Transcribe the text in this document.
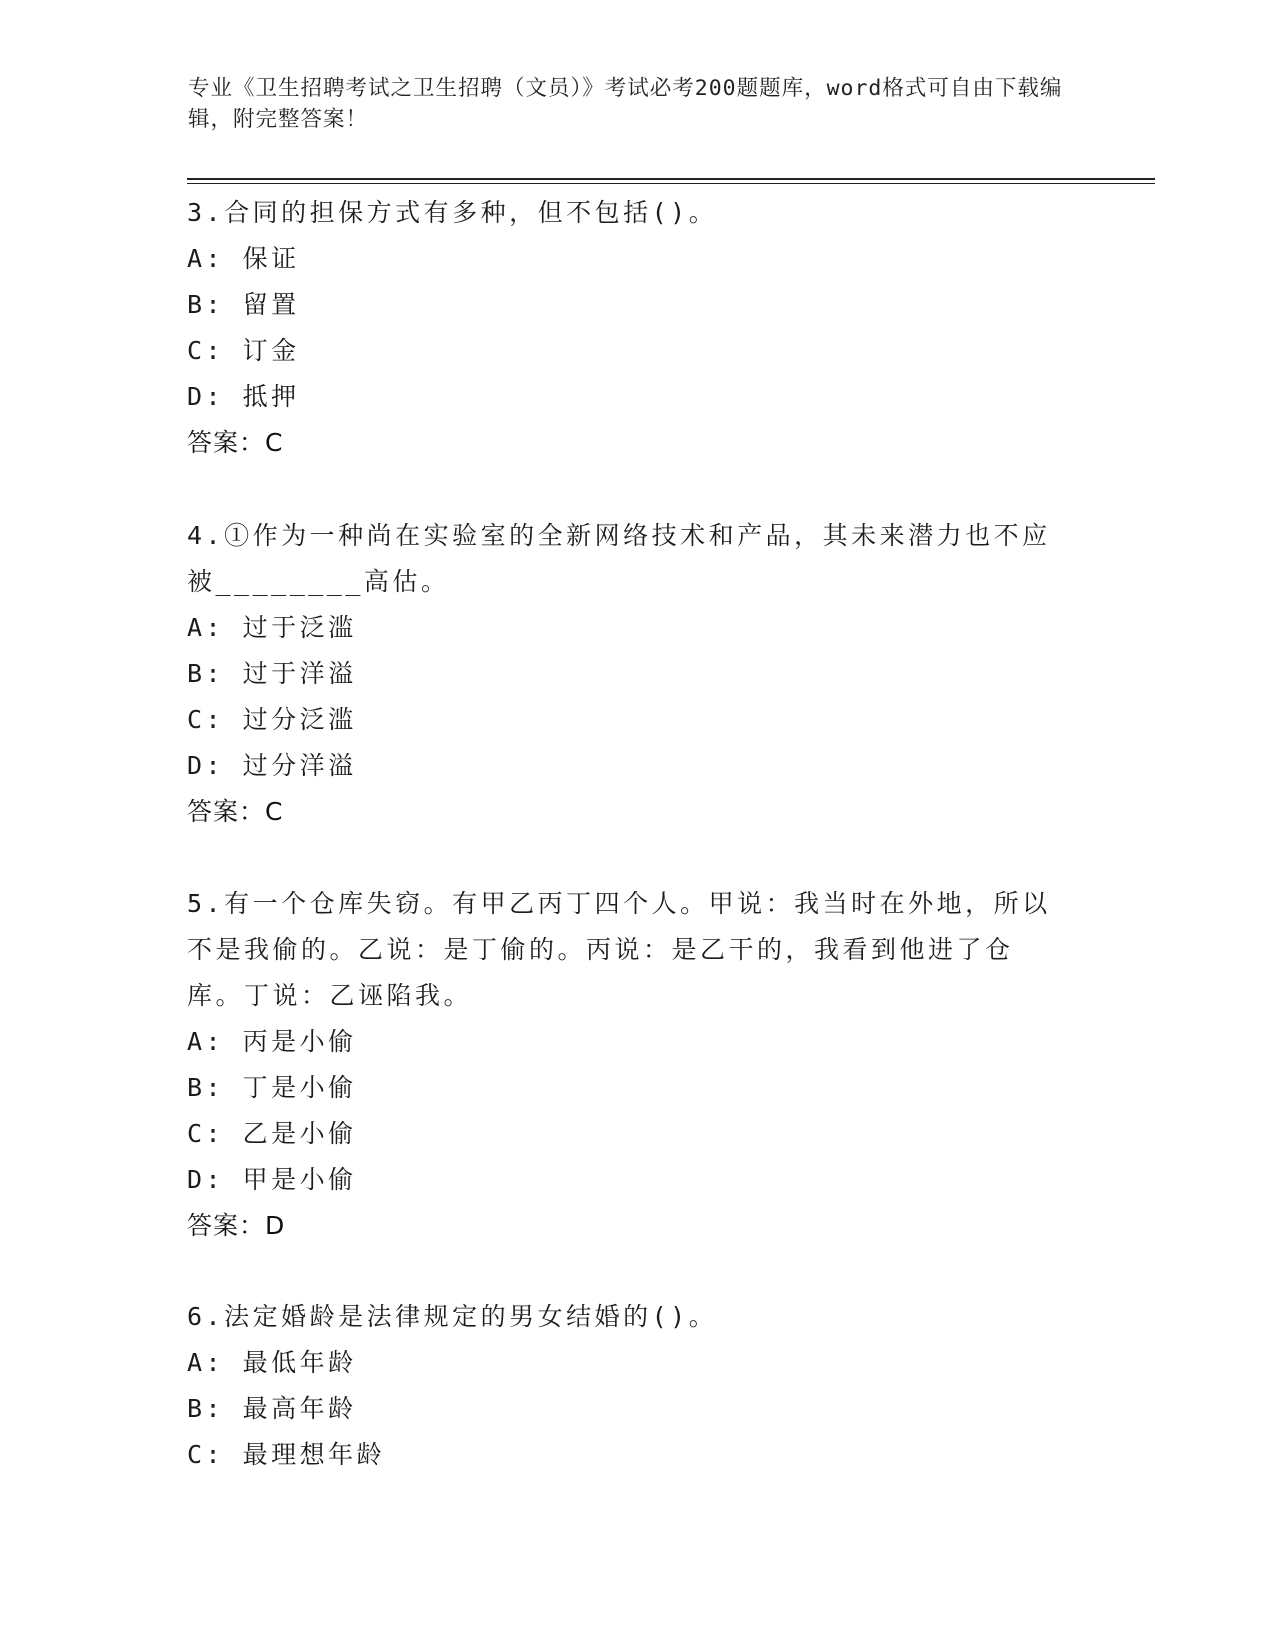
专业《卫生招聘考试之卫生招聘（文员）》考试必考200题题库，word格式可自由下载编辑，附完整答案！

3.合同的担保方式有多种，但不包括()。

A: 保证

B: 留置

C: 订金

D: 抵押

答案：C

4.①作为一种尚在实验室的全新网络技术和产品，其未来潜力也不应被________高估。

A: 过于泛滥

B: 过于洋溢

C: 过分泛滥

D: 过分洋溢

答案：C

5.有一个仓库失窃。有甲乙丙丁四个人。甲说：我当时在外地，所以不是我偷的。乙说：是丁偷的。丙说：是乙干的，我看到他进了仓库。丁说：乙诬陷我。

A: 丙是小偷

B: 丁是小偷

C: 乙是小偷

D: 甲是小偷

答案：D

6.法定婚龄是法律规定的男女结婚的()。

A: 最低年龄

B: 最高年龄

C: 最理想年龄
